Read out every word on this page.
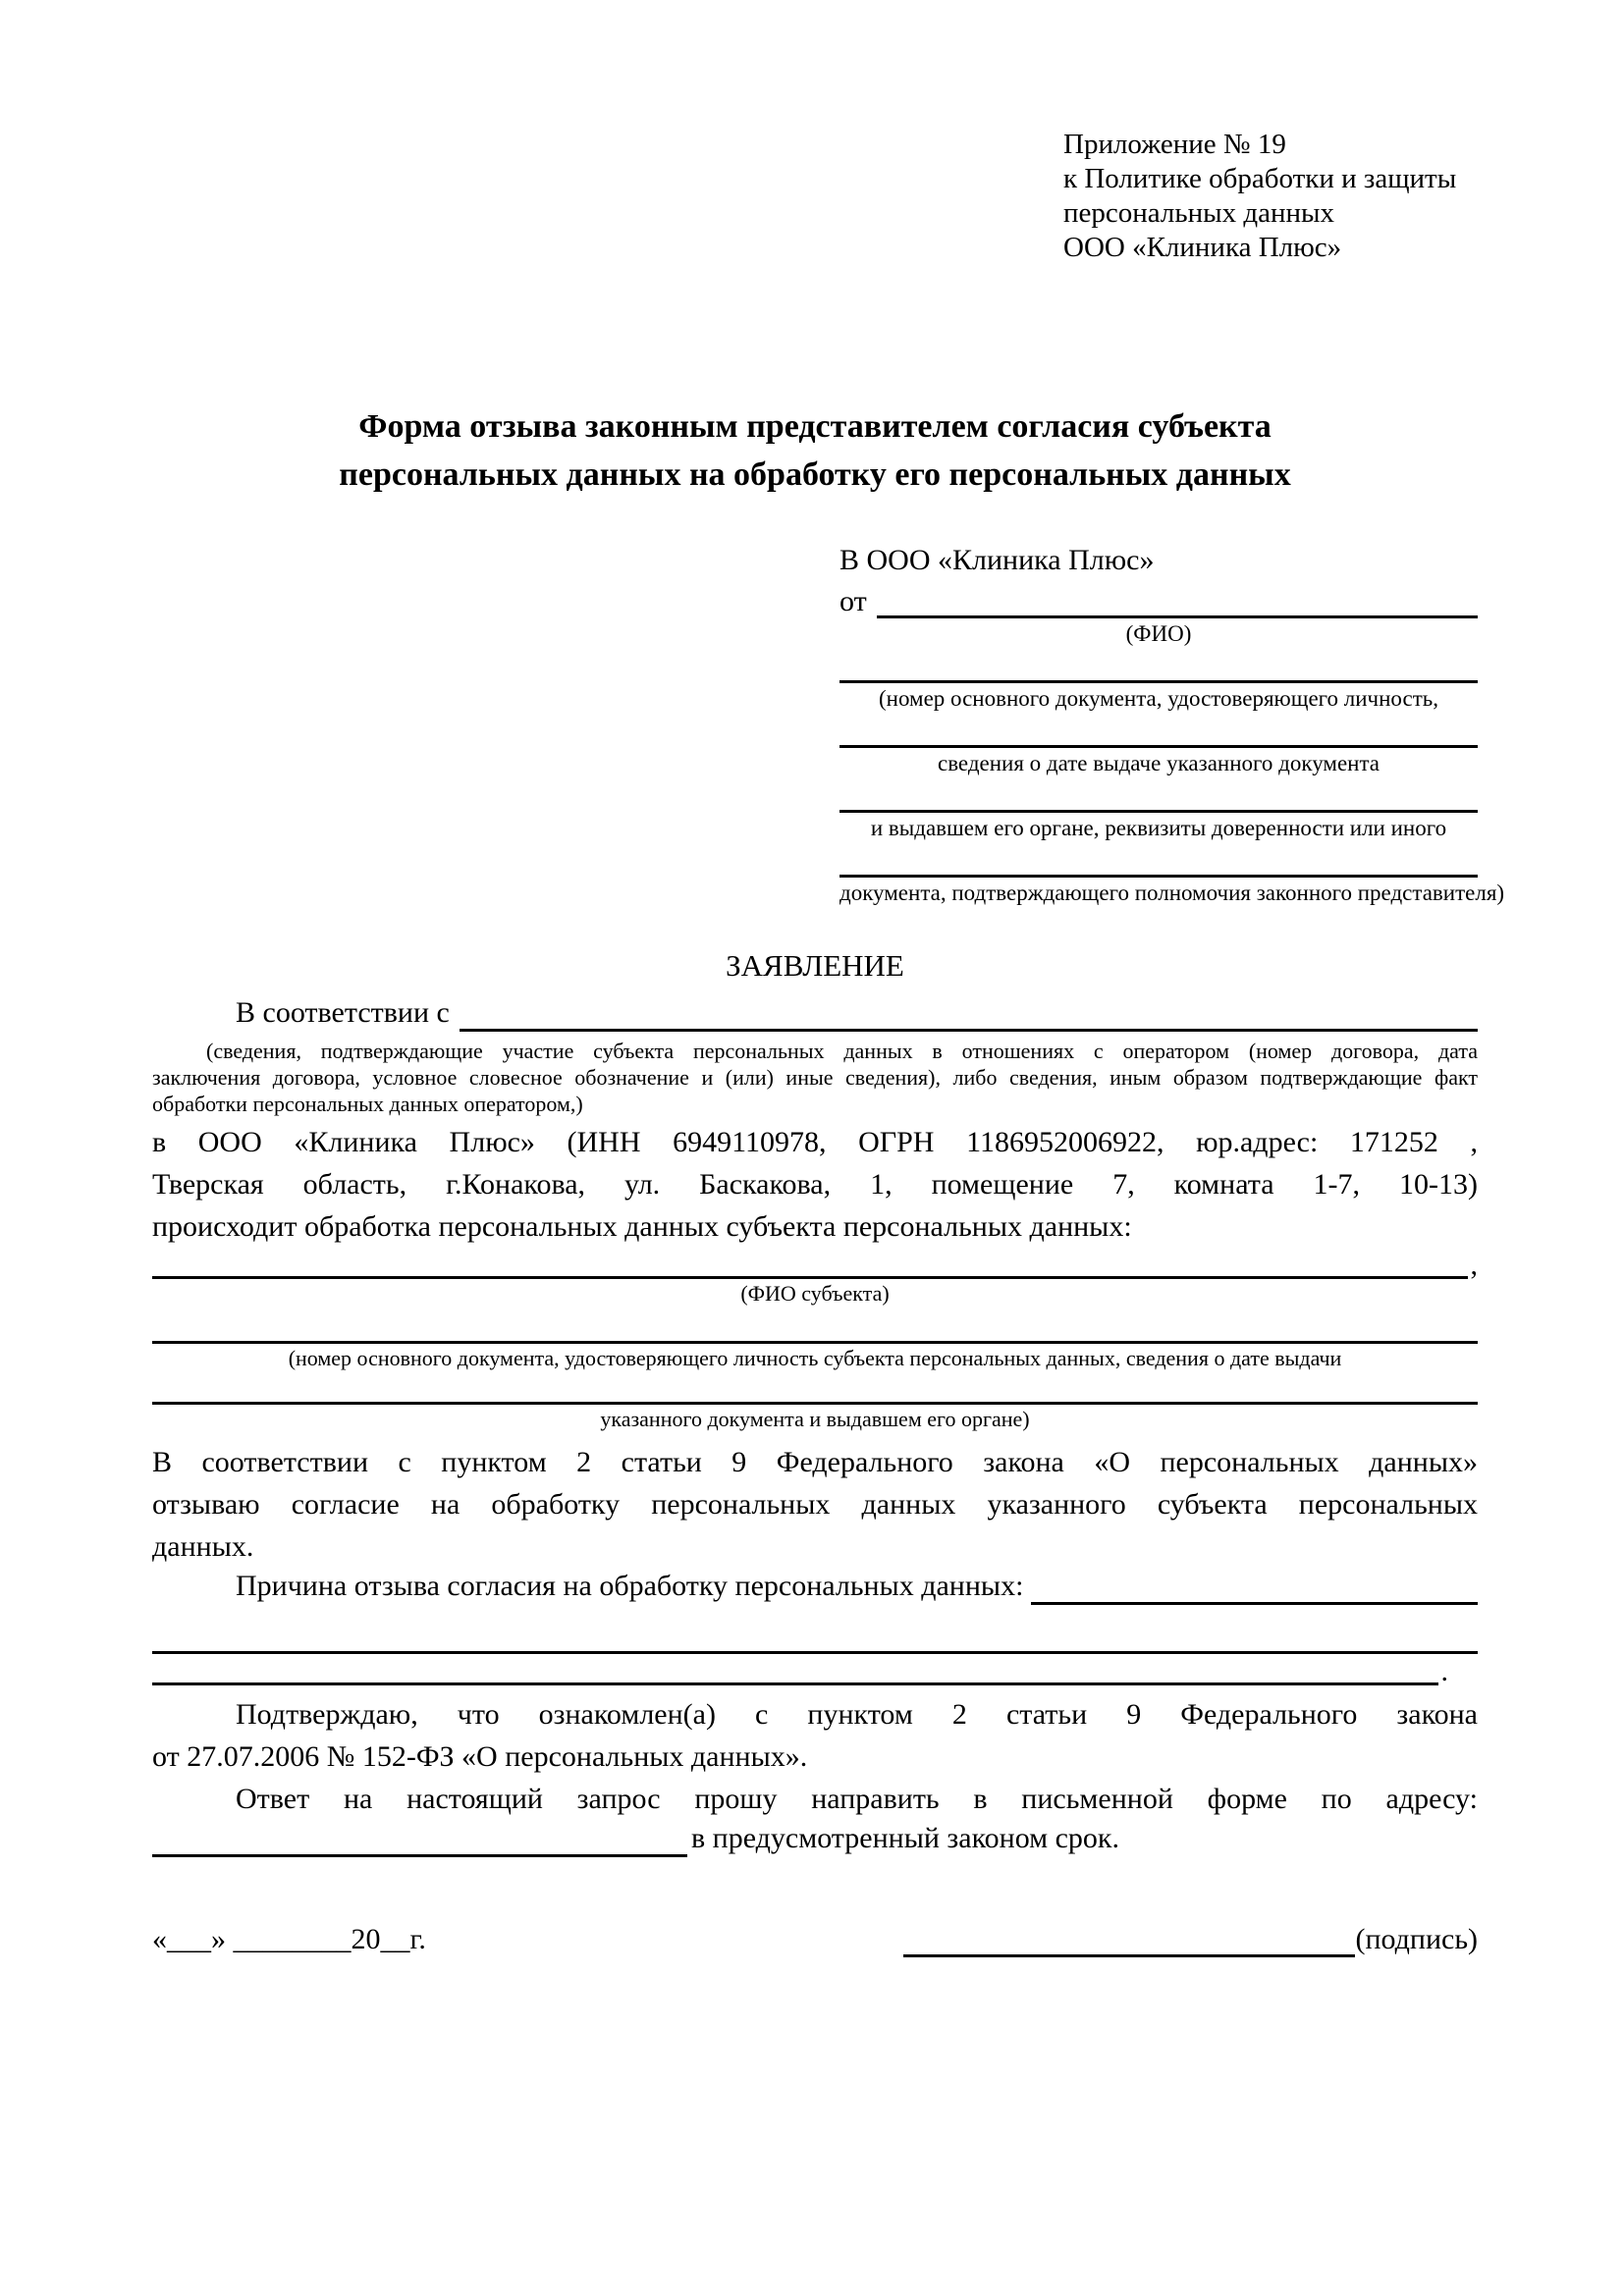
Приложение № 19
к Политике обработки и защиты
персональных данных
ООО «Клиника Плюс»
Форма отзыва законным представителем согласия субъекта
персональных данных на обработку его персональных данных
В ООО «Клиника Плюс»
от
(ФИО)
(номер основного документа, удостоверяющего личность,
сведения о дате выдаче указанного документа
и выдавшем его органе, реквизиты доверенности или иного
документа, подтверждающего полномочия законного представителя)
ЗАЯВЛЕНИЕ
В соответствии с
(сведения, подтверждающие участие субъекта персональных данных в отношениях с оператором (номер договора, дата
заключения договора, условное словесное обозначение и (или) иные сведения), либо сведения, иным образом подтверждающие факт
обработки персональных данных оператором,)
в ООО «Клиника Плюс» (ИНН 6949110978, ОГРН 1186952006922, юр.адрес: 171252 ,
Тверская область, г.Конакова, ул. Баскакова, 1, помещение 7, комната 1-7, 10-13)
происходит обработка персональных данных субъекта персональных данных:
,
(ФИО субъекта)
(номер основного документа, удостоверяющего личность субъекта персональных данных, сведения о дате выдачи
указанного документа и выдавшем его органе)
В соответствии с пунктом 2 статьи 9 Федерального закона «О персональных данных»
отзываю согласие на обработку персональных данных указанного субъекта персональных
данных.
Причина отзыва согласия на обработку персональных данных:
.
Подтверждаю, что ознакомлен(а) с пунктом 2 статьи 9 Федерального закона
от 27.07.2006 № 152-ФЗ «О персональных данных».
Ответ на настоящий запрос прошу направить в письменной форме по адресу:
в предусмотренный законом срок.
«___» ________20__г.	(подпись)
